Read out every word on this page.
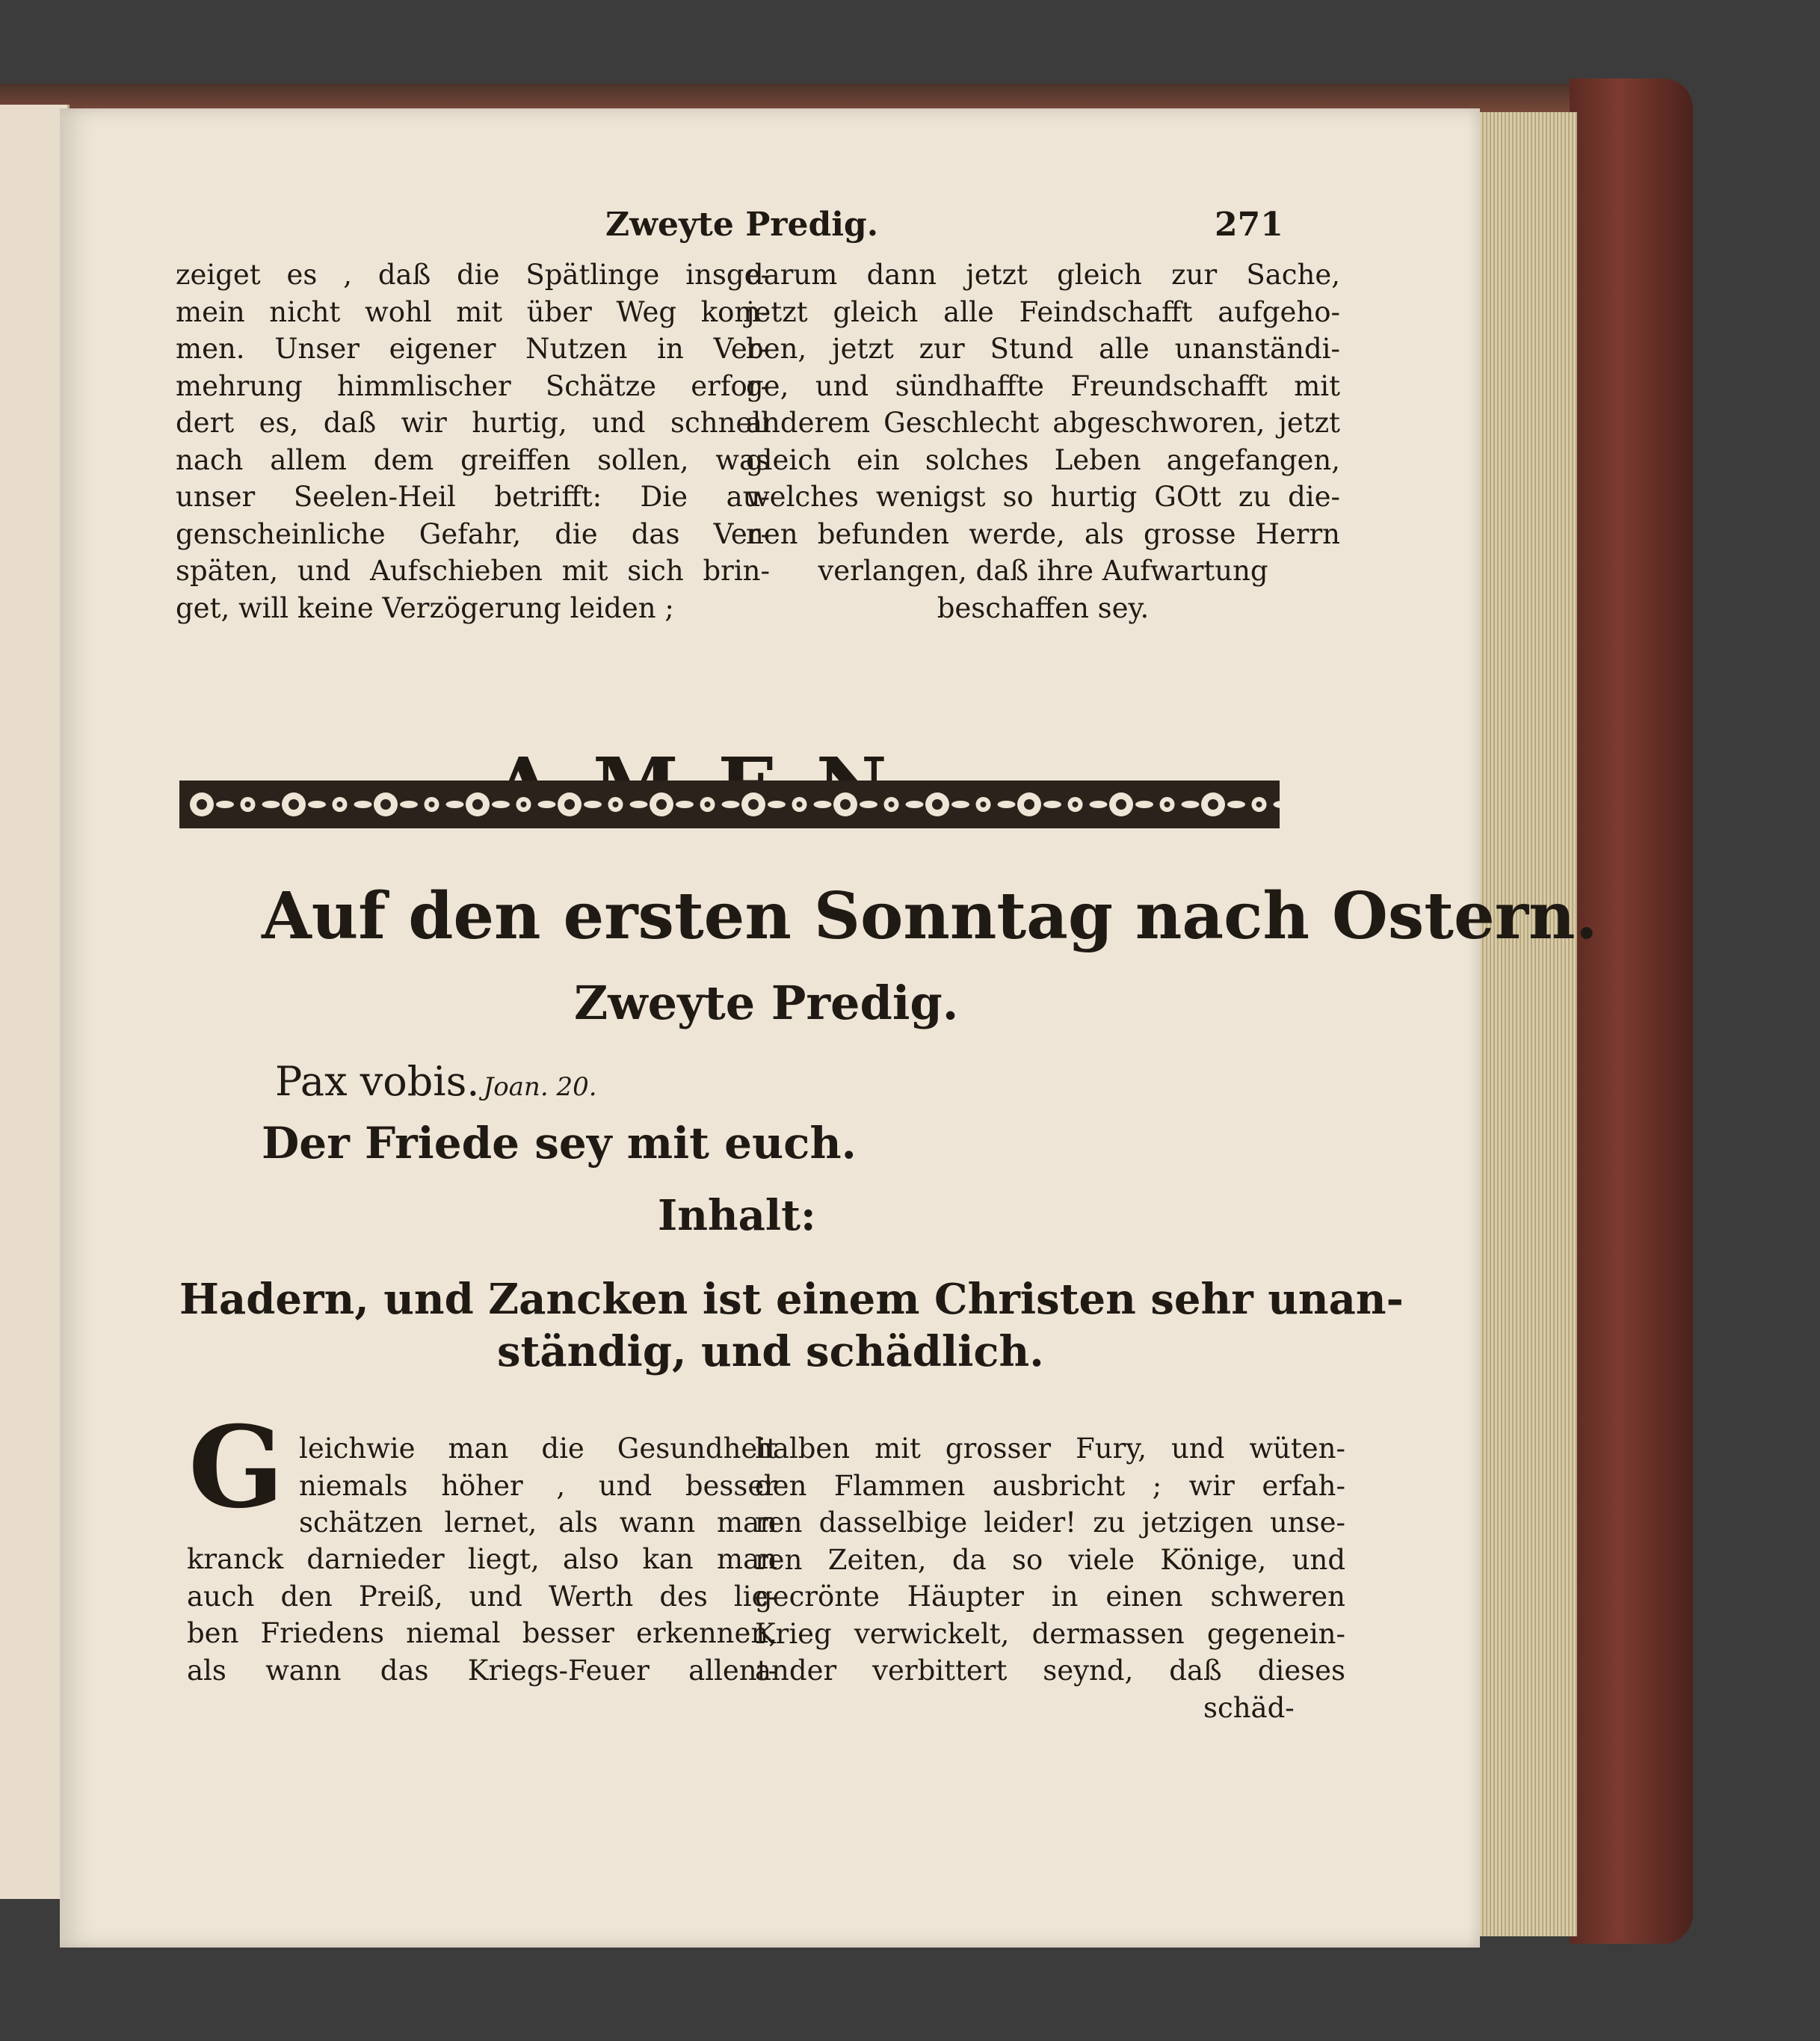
Zweyte Predig.	271
zeiget es , daß die Spätlinge insge-
mein nicht wohl mit über Weg kom-
men. Unser eigener Nutzen in Ver-
mehrung himmlischer Schätze erfor-
dert es, daß wir hurtig, und schnell
nach allem dem greiffen sollen, was
unser Seelen-Heil betrifft: Die au-
genscheinliche Gefahr, die das Ver-
späten, und Aufschieben mit sich brin-
get, will keine Verzögerung leiden ;
darum dann jetzt gleich zur Sache,
jetzt gleich alle Feindschafft aufgeho-
ben, jetzt zur Stund alle unanständi-
ge, und sündhaffte Freundschafft mit
anderem Geschlecht abgeschworen, jetzt
gleich ein solches Leben angefangen,
welches wenigst so hurtig GOtt zu die-
nen befunden werde, als grosse Herrn
verlangen, daß ihre Aufwartung
beschaffen sey.
Auf den ersten Sonntag nach Ostern.
Zweyte Predig.
Pax vobis. Joan. 20.
Der Friede sey mit euch.
Inhalt:
Hadern, und Zancken ist einem Christen sehr unan-
ständig, und schädlich.
G leichwie man die Gesundheit
niemals höher , und besser
schätzen lernet, als wann man
kranck darnieder liegt, also kan man
auch den Preiß, und Werth des lie-
ben Friedens niemal besser erkennen,
als wann das Kriegs-Feuer allent-
halben mit grosser Fury, und wüten-
den Flammen ausbricht ; wir erfah-
ren dasselbige leider! zu jetzigen unse-
ren Zeiten, da so viele Könige, und
gecrönte Häupter in einen schweren
Krieg verwickelt, dermassen gegenein-
ander verbittert seynd, daß dieses
schäd-
